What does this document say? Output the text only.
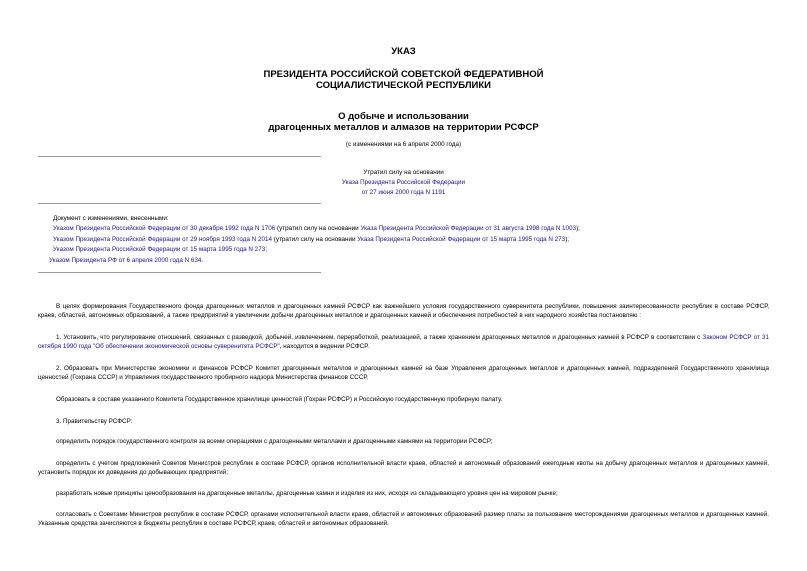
УКАЗ
ПРЕЗИДЕНТА РОССИЙСКОЙ СОВЕТСКОЙ ФЕДЕРАТИВНОЙ
СОЦИАЛИСТИЧЕСКОЙ РЕСПУБЛИКИ
О добыче и использовании
драгоценных металлов и алмазов на территории РСФСР
(с изменениями на 6 апреля 2000 года)
Утратил силу на основании
Указа Президента Российской Федерации
от 27 июня 2000 года N 1191
Документ с изменениями, внесенными:
Указом Президента Российской Федерации от 30 декабря 1992 года N 1706 (утратил силу на основании Указа Президента Российской Федерации от 31 августа 1998 года N 1003);
Указом Президента Российской Федерации от 29 ноября 1993 года N 2014 (утратил силу на основании Указа Президента Российской Федерации от 15 марта 1995 года N 273);
Указом Президента Российской Федерации от 15 марта 1995 года N 273;
Указом Президента РФ от 6 апреля 2000 года N 634.
В целях формирования Государственного фонда драгоценных металлов и драгоценных камней РСФСР как важнейшего условия государственного суверенитета республики, повышения заинтересованности республик в составе РСФСР, краев, областей, автономных образований, а также предприятий в увеличении добычи драгоценных металлов и драгоценных камней и обеспечения потребностей в них народного хозяйства постановляю :
1. Установить, что регулирование отношений, связанных с разведкой, добычей, извлечением, переработкой, реализацией, а также хранением драгоценных металлов и драгоценных камней в РСФСР в соответствии с Законом РСФСР от 31 октября 1990 года "Об обеспечении экономической основы суверенитета РСФСР", находится в ведении РСФСР.
2. Образовать при Министерстве экономики и финансов РСФСР Комитет драгоценных металлов и драгоценных камней на базе Управления драгоценных металлов и драгоценных камней, подразделений Государственного хранилища ценностей (Гохрана СССР) и Управления государственного пробирного надзора Министерства финансов СССР.
Образовать в составе указанного Комитета Государственное хранилище ценностей (Гохран РСФСР) и Российскую государственную пробирную палату.
3. Правительству РСФСР:
определить порядок государственного контроля за всеми операциями с драгоценными металлами и драгоценными камнями на территории РСФСР;
определить с учетом предложений Советов Министров республик в составе РСФСР, органов исполнительной власти краев, областей и автономный образований ежегодные квоты на добычу драгоценных металлов и драгоценных камней, установить порядок их доведения до добывающих предприятий;
разработать новые принципы ценообразования на драгоценные металлы, драгоценные камни и изделия из них, исходя из складывающего уровня цен на мировом рынке;
согласовать с Советами Министров республик в составе РСФСР, органами исполнительной власти краев, областей и автономных образований размер платы за пользование месторождениями драгоценных металлов и драгоценных камней. Указанные средства зачисляются в бюджеты республик в составе РСФСР, краев, областей и автономных образований.
